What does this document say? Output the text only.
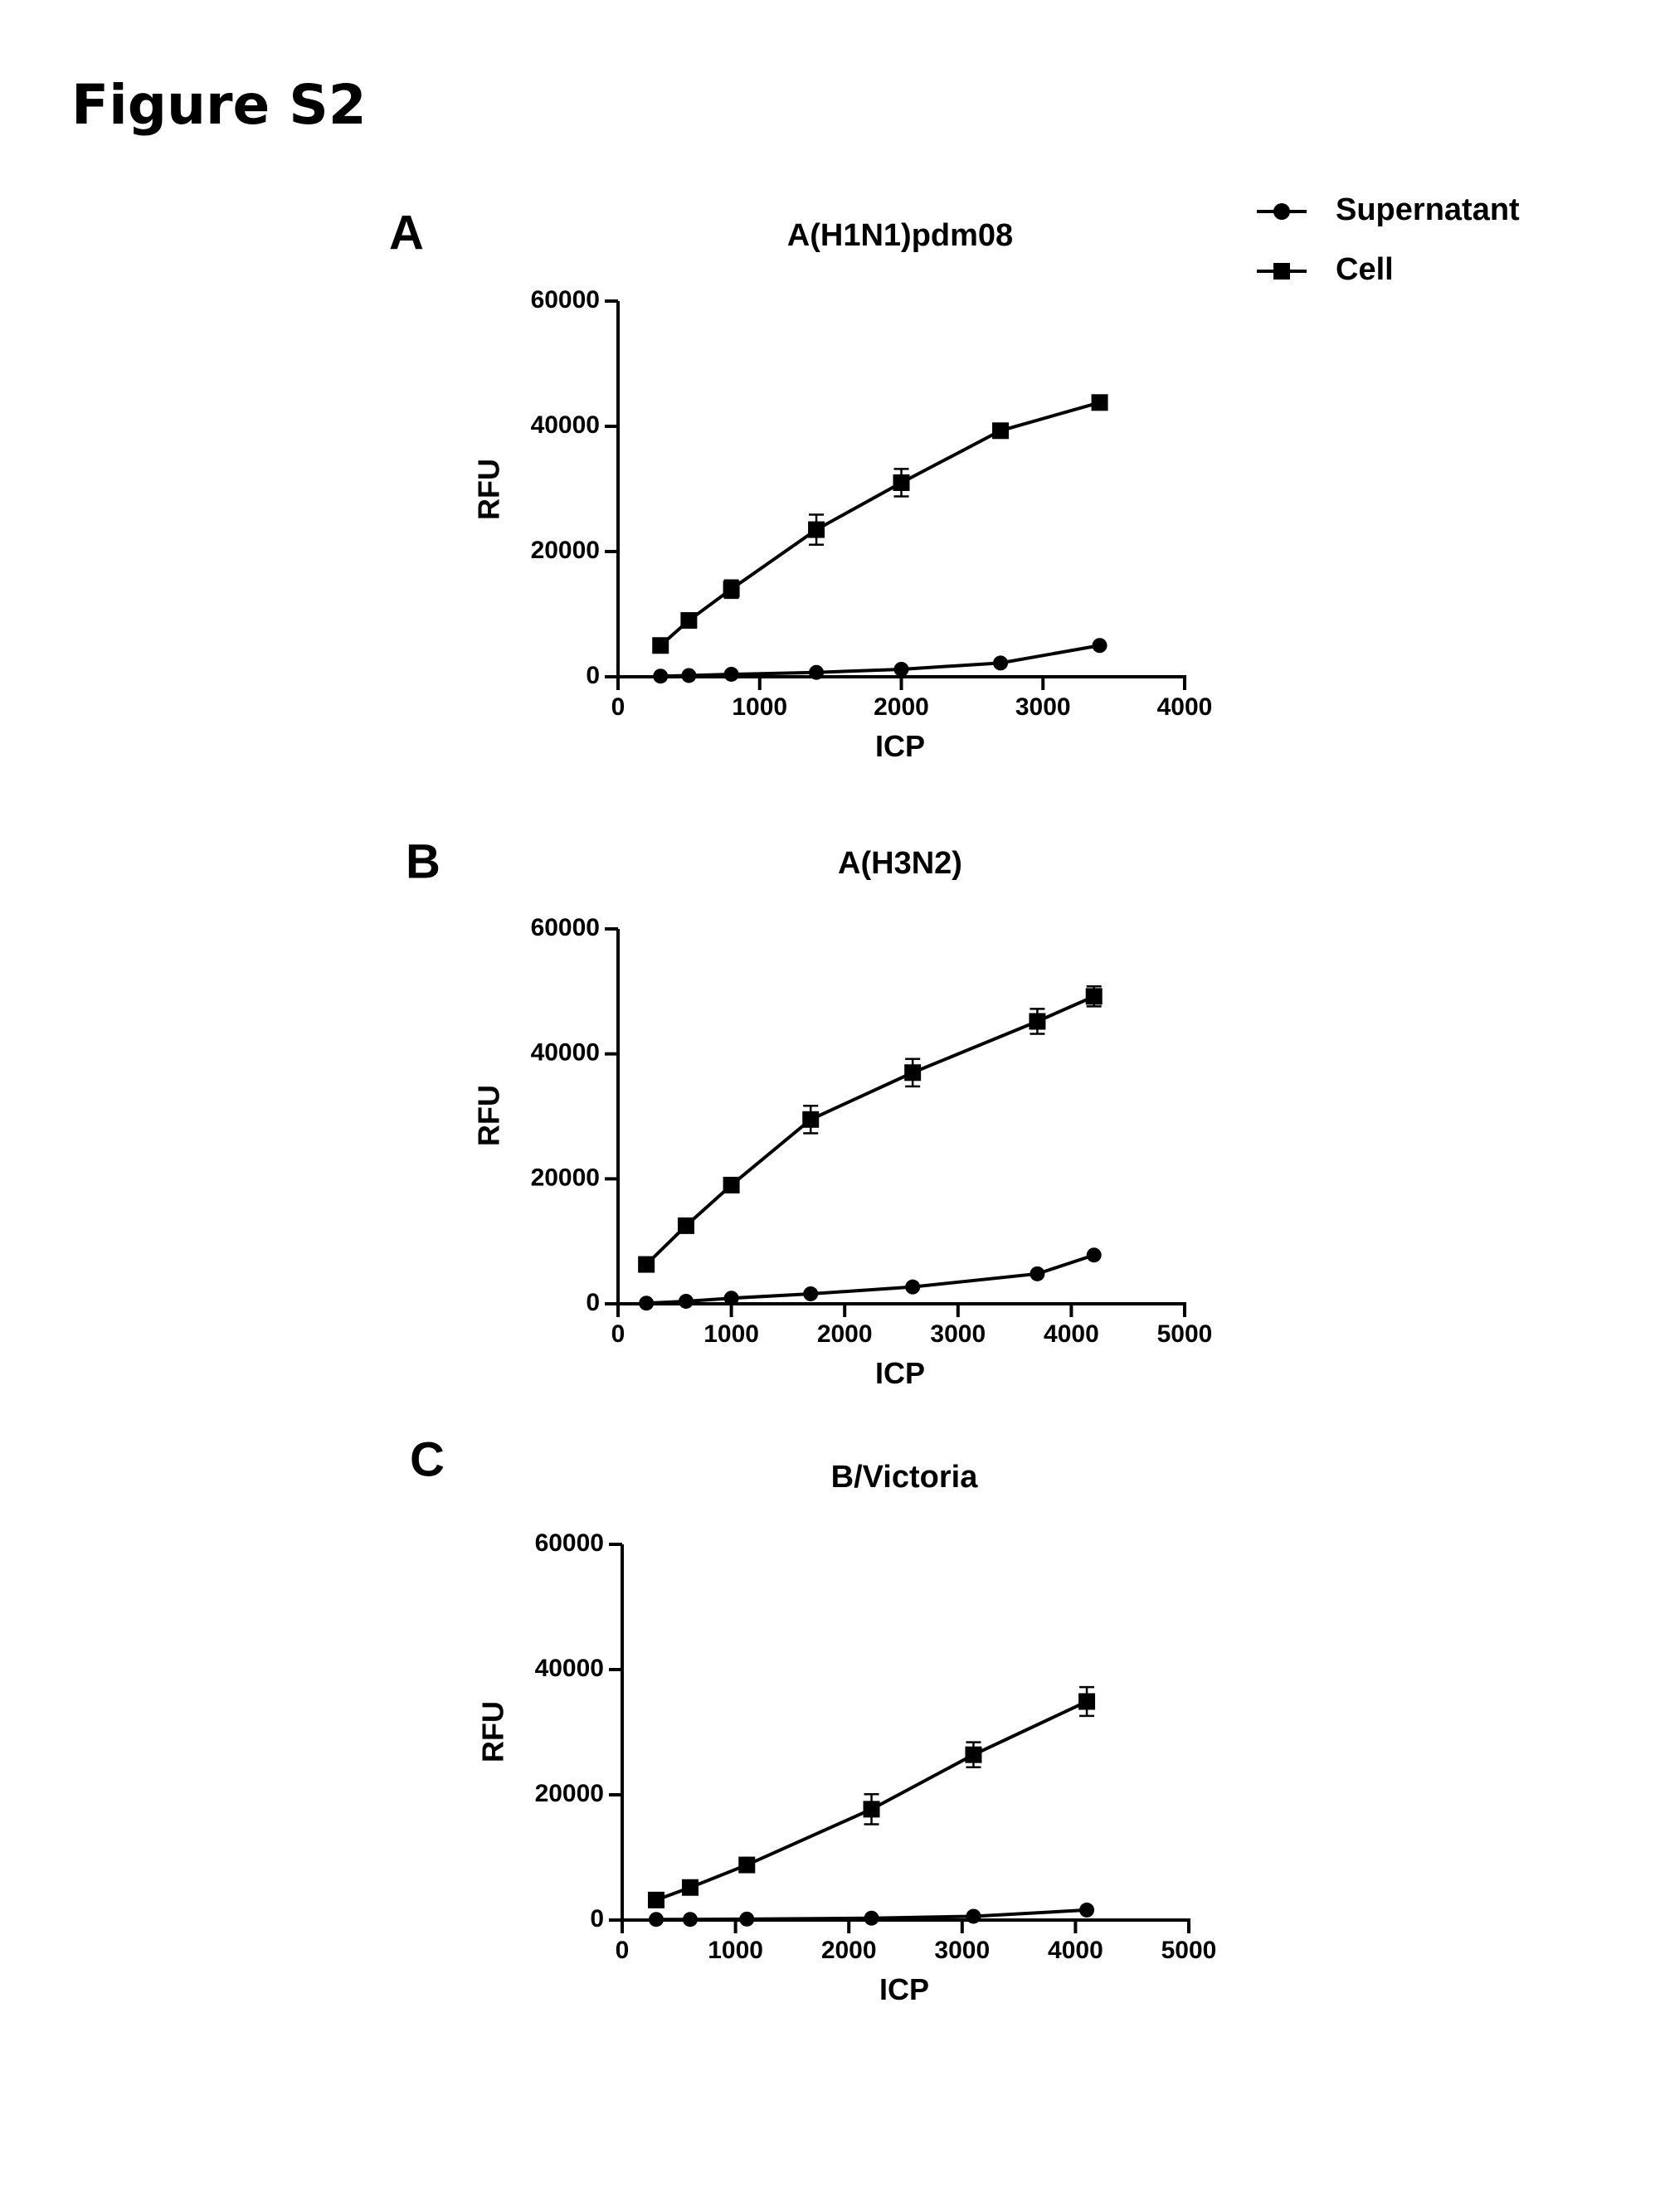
Figure S2
A	A(H1N1)pdm08
0
20000
40000
60000
0	1000	2000	3000	4000
ICP
RFU
B	A(H3N2)
0
20000
40000
60000
0	1000 2000 3000 4000 5000
ICP
RFU
C	B/Victoria
0
20000
40000
60000
0	1000 2000 3000 4000 5000
ICP
RFU
Supernatant
Cell
